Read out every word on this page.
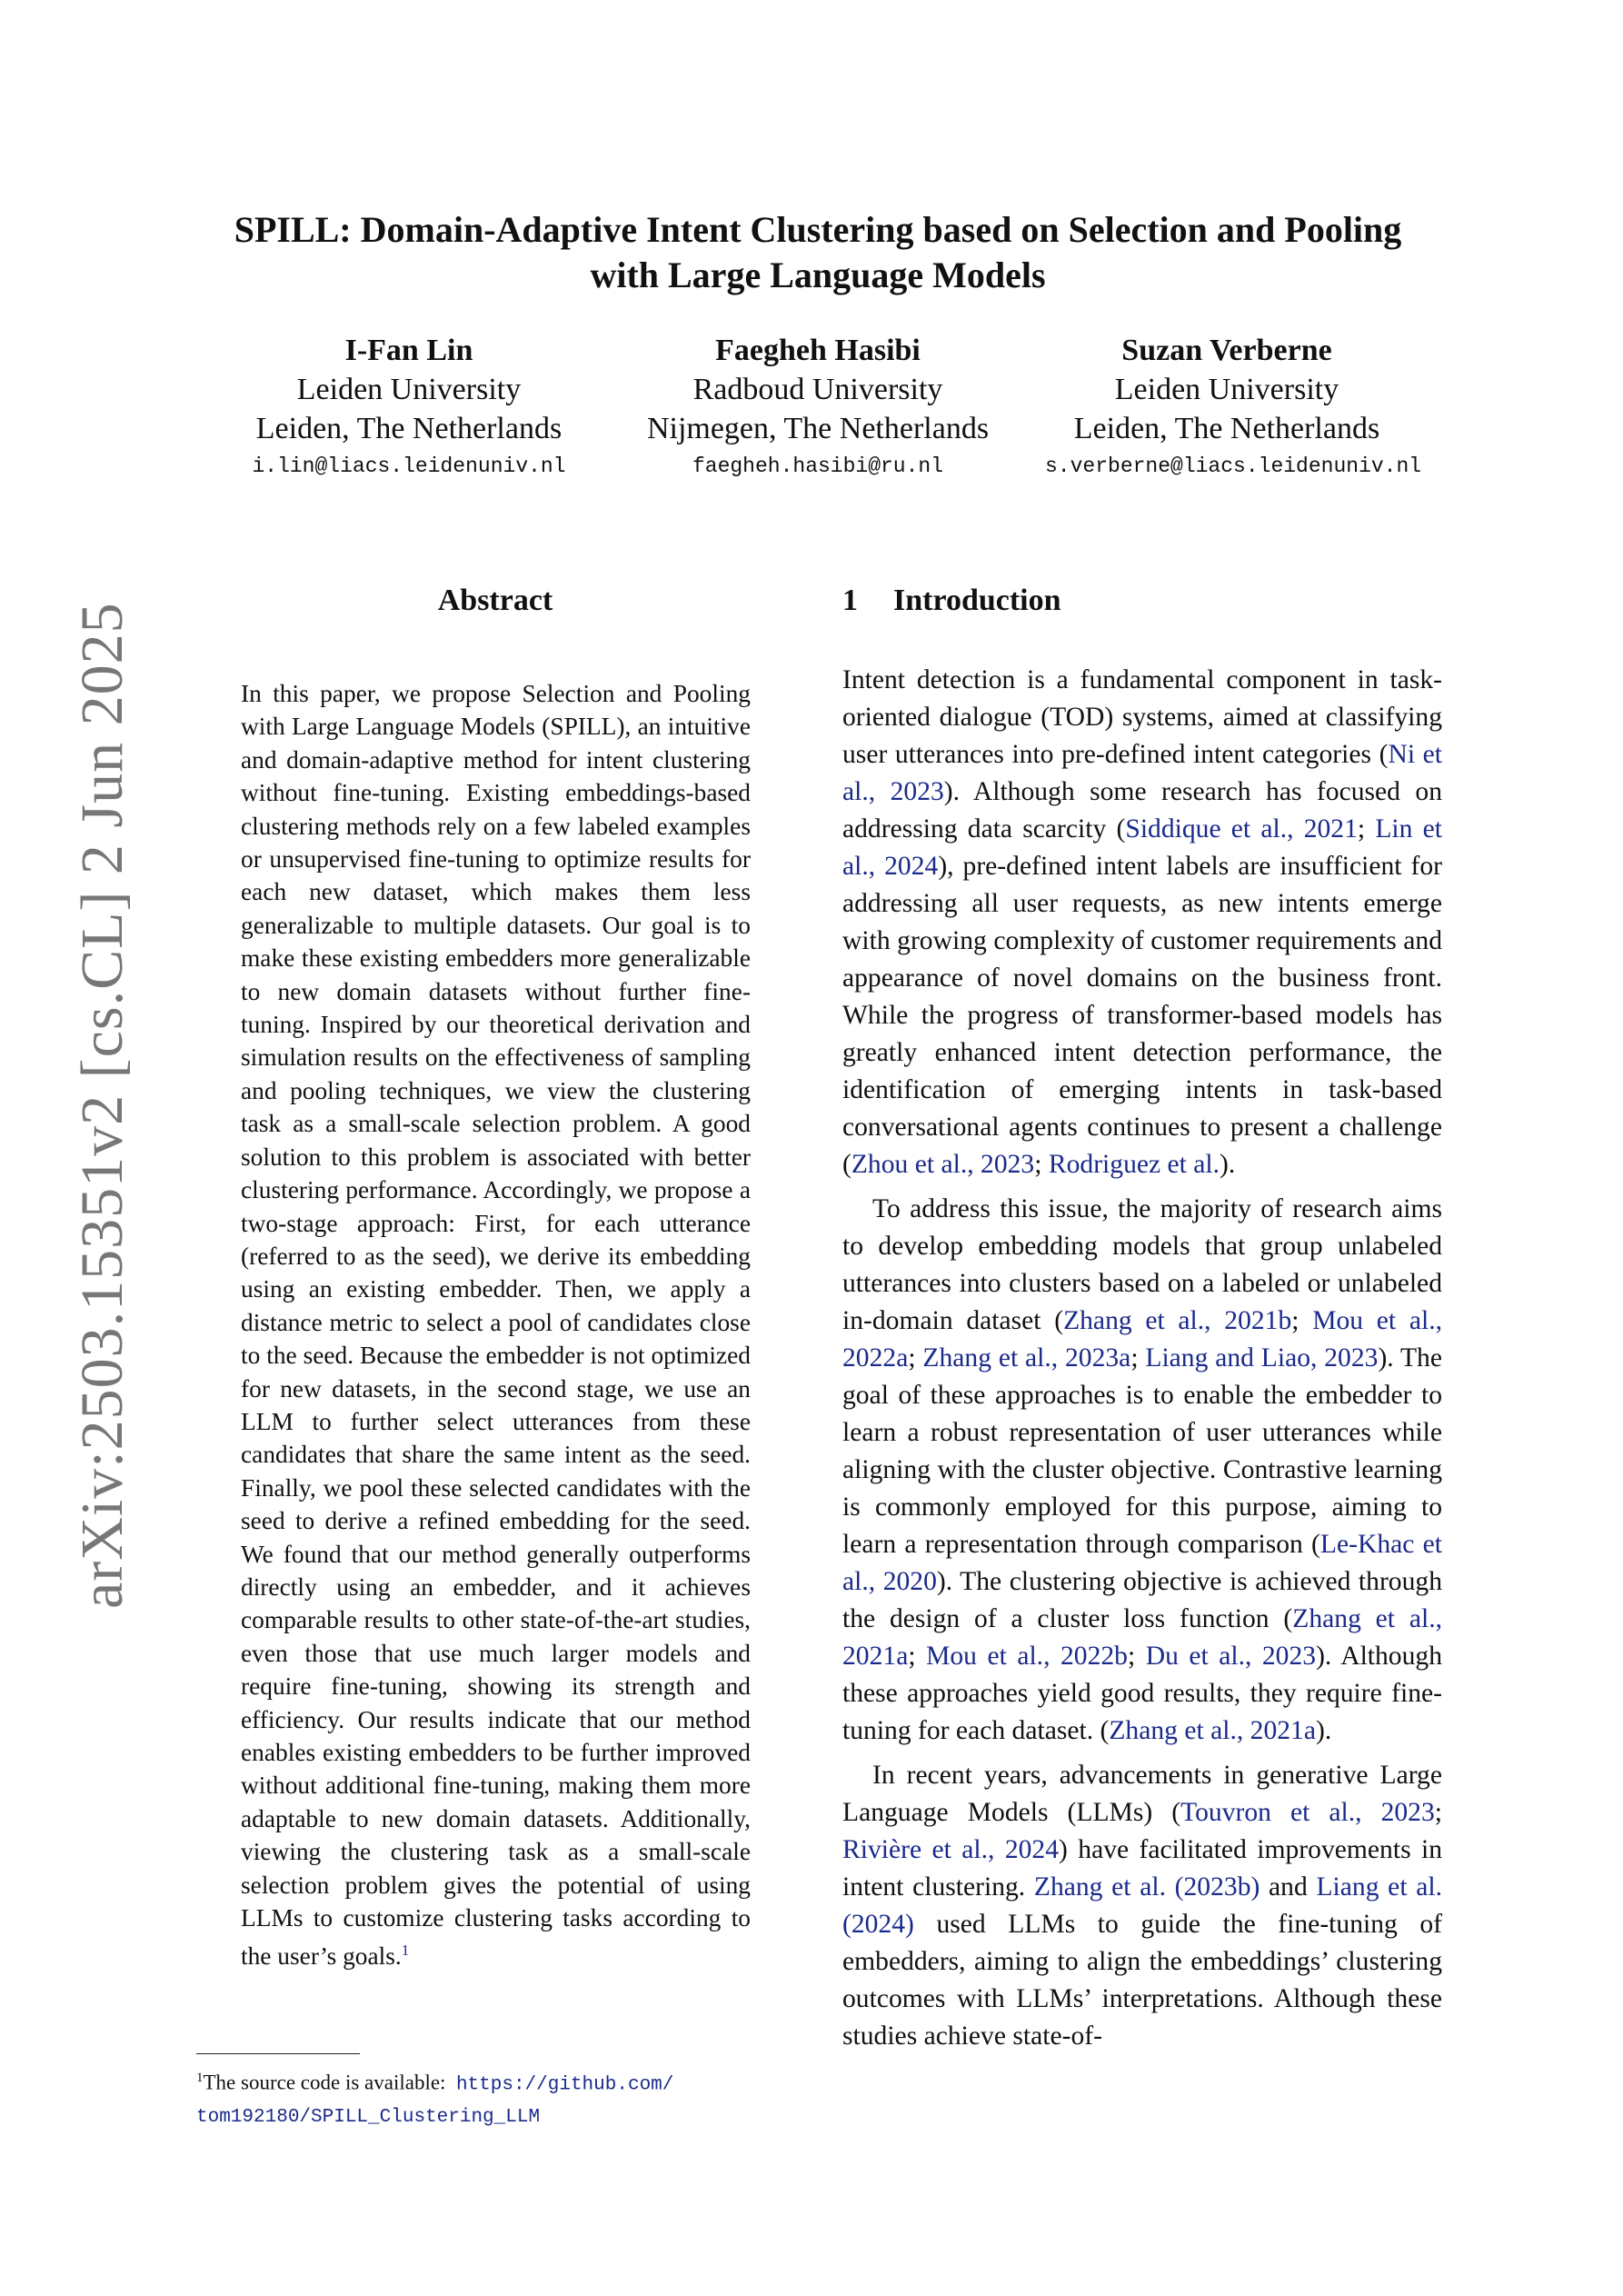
SPILL: Domain-Adaptive Intent Clustering based on Selection and Pooling
with Large Language Models
I-Fan Lin
Leiden University
Leiden, The Netherlands
i.lin@liacs.leidenuniv.nl
Faegheh Hasibi
Radboud University
Nijmegen, The Netherlands
faegheh.hasibi@ru.nl
Suzan Verberne
Leiden University
Leiden, The Netherlands
s.verberne@liacs.leidenuniv.nl
arXiv:2503.15351v2 [cs.CL] 2 Jun 2025
Abstract
In this paper, we propose Selection and Pooling with Large Language Models (SPILL), an intuitive and domain-adaptive method for intent clustering without fine-tuning. Existing embeddings-based clustering methods rely on a few labeled examples or unsupervised fine-tuning to optimize results for each new dataset, which makes them less generalizable to multiple datasets. Our goal is to make these existing embedders more generalizable to new domain datasets without further fine-tuning. Inspired by our theoretical derivation and simulation results on the effectiveness of sampling and pooling techniques, we view the clustering task as a small-scale selection problem. A good solution to this problem is associated with better clustering performance. Accordingly, we propose a two-stage approach: First, for each utterance (referred to as the seed), we derive its embedding using an existing embedder. Then, we apply a distance metric to select a pool of candidates close to the seed. Because the embedder is not optimized for new datasets, in the second stage, we use an LLM to further select utterances from these candidates that share the same intent as the seed. Finally, we pool these selected candidates with the seed to derive a refined embedding for the seed. We found that our method generally outperforms directly using an embedder, and it achieves comparable results to other state-of-the-art studies, even those that use much larger models and require fine-tuning, showing its strength and efficiency. Our results indicate that our method enables existing embedders to be further improved without additional fine-tuning, making them more adaptable to new domain datasets. Additionally, viewing the clustering task as a small-scale selection problem gives the potential of using LLMs to customize clustering tasks according to the user’s goals.$^1$
$^1$The source code is available: https://github.com/
tom192180/SPILL_Clustering_LLM
1 Introduction

Intent detection is a fundamental component in task-oriented dialogue (TOD) systems, aimed at classifying user utterances into pre-defined intent categories (Ni et al., 2023). Although some research has focused on addressing data scarcity (Siddique et al., 2021; Lin et al., 2024), pre-defined intent labels are insufficient for addressing all user requests, as new intents emerge with growing complexity of customer requirements and appearance of novel domains on the business front. While the progress of transformer-based models has greatly enhanced intent detection performance, the identification of emerging intents in task-based conversational agents continues to present a challenge (Zhou et al., 2023; Rodriguez et al.).

To address this issue, the majority of research aims to develop embedding models that group unlabeled utterances into clusters based on a labeled or unlabeled in-domain dataset (Zhang et al., 2021b; Mou et al., 2022a; Zhang et al., 2023a; Liang and Liao, 2023). The goal of these approaches is to enable the embedder to learn a robust representation of user utterances while aligning with the cluster objective. Contrastive learning is commonly employed for this purpose, aiming to learn a representation through comparison (Le-Khac et al., 2020). The clustering objective is achieved through the design of a cluster loss function (Zhang et al., 2021a; Mou et al., 2022b; Du et al., 2023). Although these approaches yield good results, they require fine-tuning for each dataset. (Zhang et al., 2021a).

In recent years, advancements in generative Large Language Models (LLMs) (Touvron et al., 2023; Rivière et al., 2024) have facilitated improvements in intent clustering. Zhang et al. (2023b) and Liang et al. (2024) used LLMs to guide the fine-tuning of embedders, aiming to align the embeddings’ clustering outcomes with LLMs’ interpretations. Although these studies achieve state-of-
